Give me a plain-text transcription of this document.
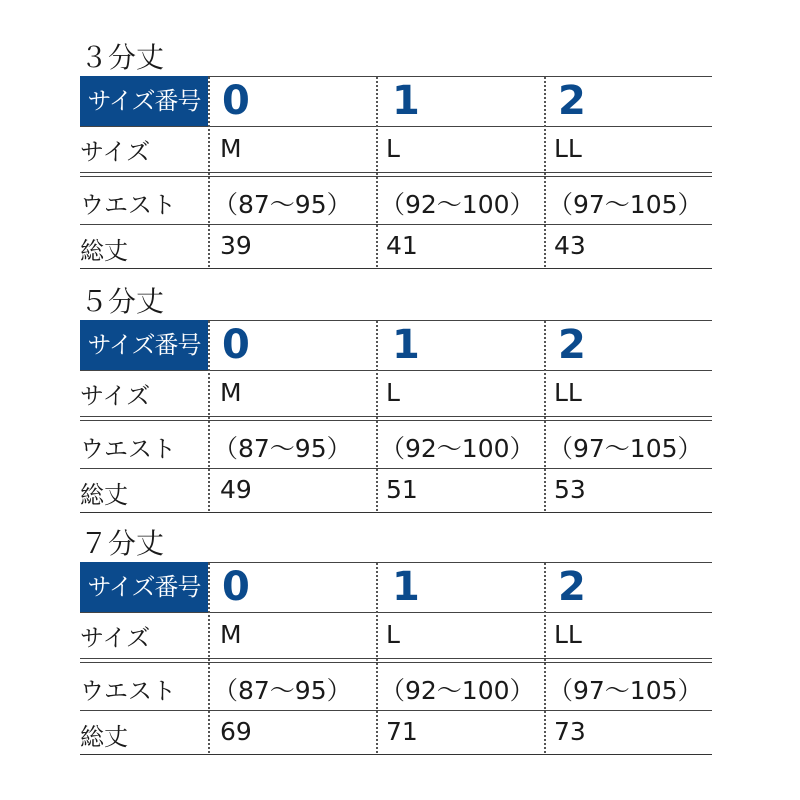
３分丈
サイズ番号 0	1	2
サイズ	M	L	LL
ウエスト （87〜95） （92〜100） （97〜105）
総丈	39	41	43
５分丈
サイズ番号 0	1	2
サイズ	M	L	LL
ウエスト （87〜95） （92〜100） （97〜105）
総丈	49	51	53
７分丈
サイズ番号 0	1	2
サイズ	M	L	LL
ウエスト （87〜95） （92〜100） （97〜105）
総丈	69	71	73
